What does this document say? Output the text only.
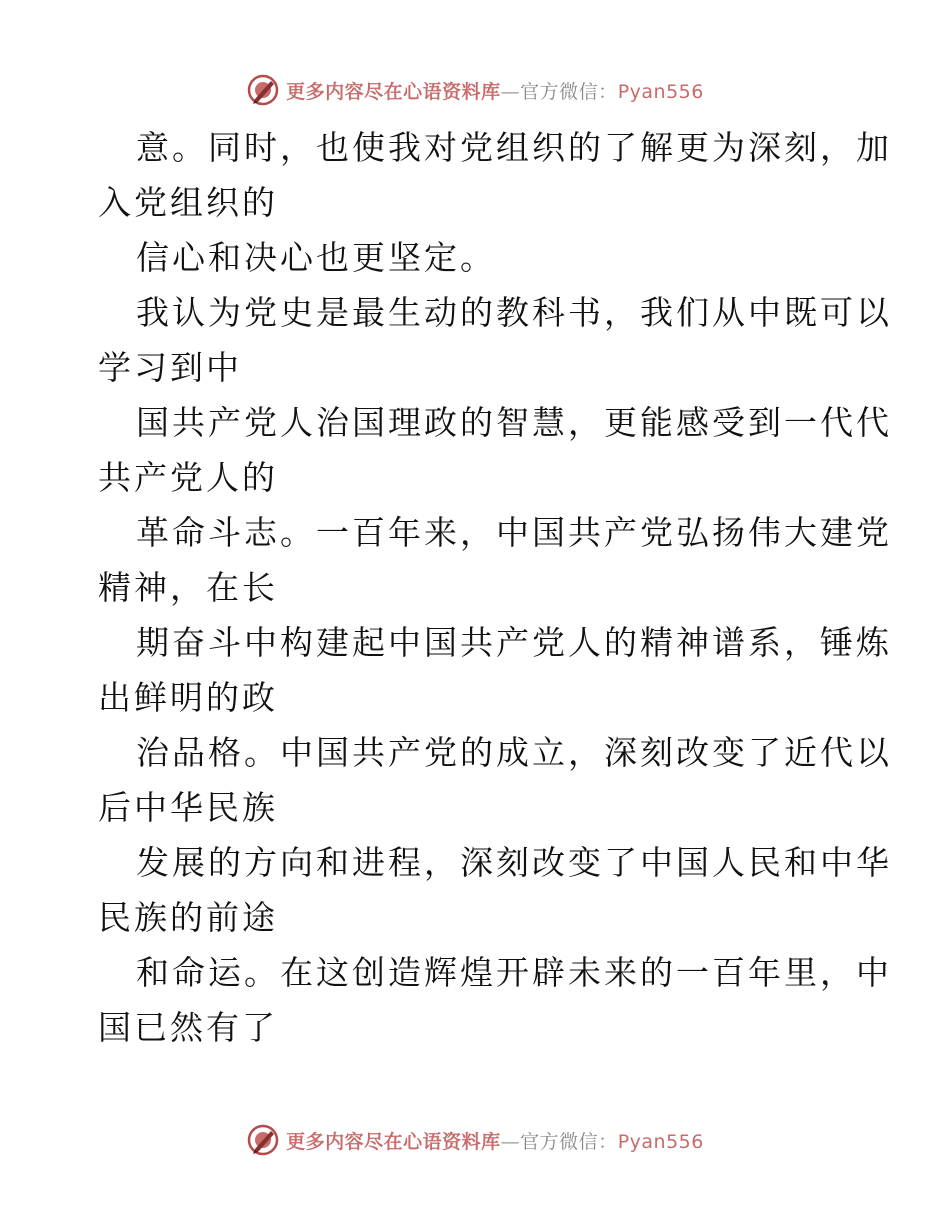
更多内容尽在心语资料库—官方微信：Pyan556

意。同时，也使我对党组织的了解更为深刻，加
入党组织的

信心和决心也更坚定。

我认为党史是最生动的教科书，我们从中既可以
学习到中

国共产党人治国理政的智慧，更能感受到一代代
共产党人的

革命斗志。一百年来，中国共产党弘扬伟大建党
精神，在长

期奋斗中构建起中国共产党人的精神谱系，锤炼
出鲜明的政

治品格。中国共产党的成立，深刻改变了近代以
后中华民族

发展的方向和进程，深刻改变了中国人民和中华
民族的前途

和命运。在这创造辉煌开辟未来的一百年里，中
国已然有了

更多内容尽在心语资料库—官方微信：Pyan556
